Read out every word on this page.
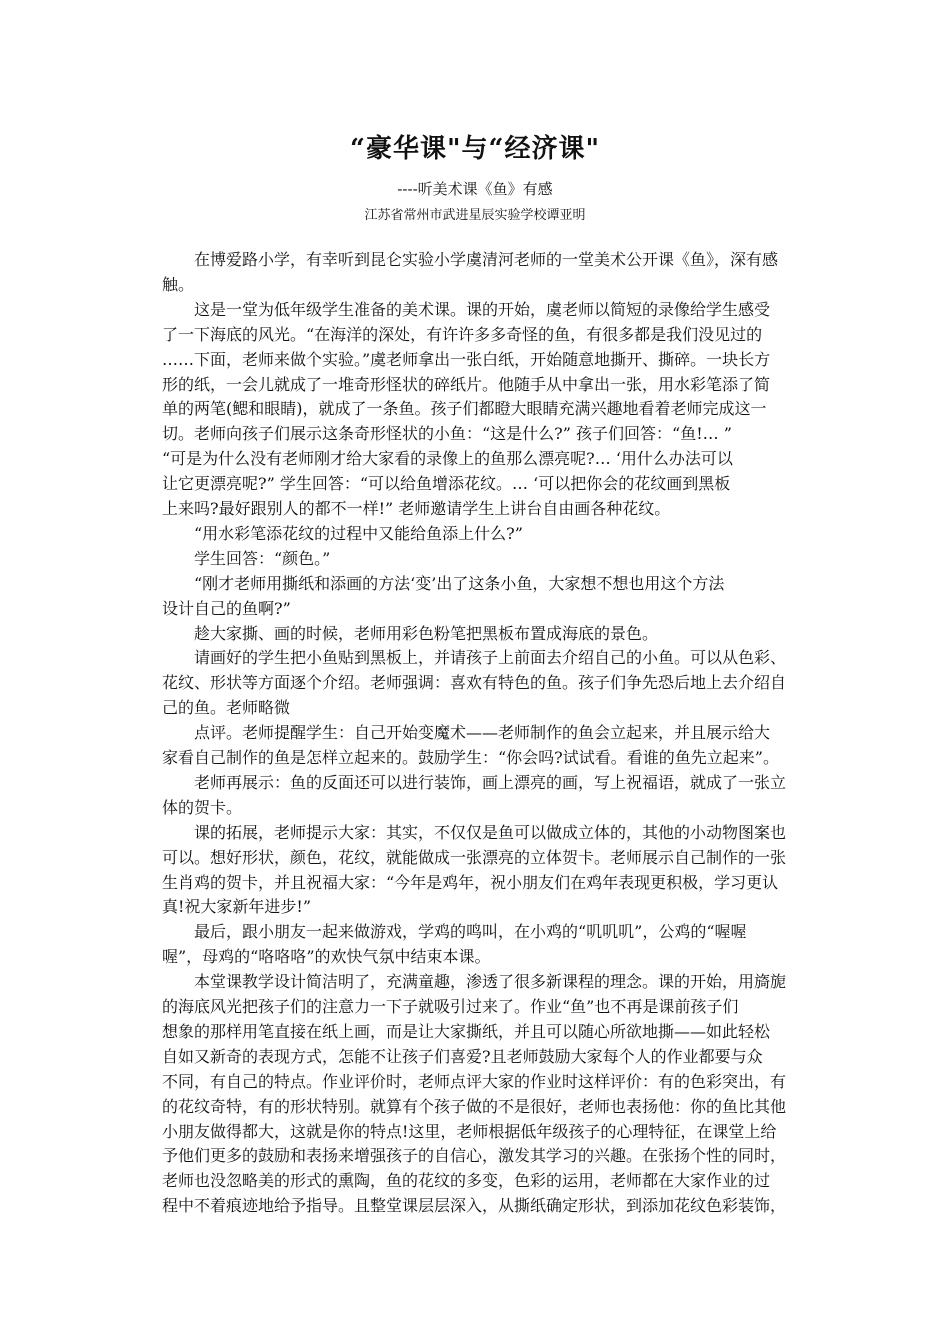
“豪华课"与“经济课"
----听美术课《鱼》有感
江苏省常州市武进星辰实验学校谭亚明
在博爱路小学，有幸听到昆仑实验小学虞清河老师的一堂美术公开课《鱼》，深有感
触。
这是一堂为低年级学生准备的美术课。课的开始，虞老师以简短的录像给学生感受
了一下海底的风光。“在海洋的深处，有许许多多奇怪的鱼，有很多都是我们没见过的
……下面，老师来做个实验。”虞老师拿出一张白纸，开始随意地撕开、撕碎。一块长方
形的纸，一会儿就成了一堆奇形怪状的碎纸片。他随手从中拿出一张，用水彩笔添了简
单的两笔(鳃和眼睛)，就成了一条鱼。孩子们都瞪大眼睛充满兴趣地看着老师完成这一
切。老师向孩子们展示这条奇形怪状的小鱼：“这是什么?” 孩子们回答：“鱼!… ”
“可是为什么没有老师刚才给大家看的录像上的鱼那么漂亮呢?… ‘用什么办法可以
让它更漂亮呢?” 学生回答：“可以给鱼增添花纹。… ‘可以把你会的花纹画到黑板
上来吗?最好跟别人的都不一样!” 老师邀请学生上讲台自由画各种花纹。
“用水彩笔添花纹的过程中又能给鱼添上什么?”
学生回答：“颜色。”
“刚才老师用撕纸和添画的方法‘变’出了这条小鱼，大家想不想也用这个方法
设计自己的鱼啊?”
趁大家撕、画的时候，老师用彩色粉笔把黑板布置成海底的景色。
请画好的学生把小鱼贴到黑板上，并请孩子上前面去介绍自己的小鱼。可以从色彩、
花纹、形状等方面逐个介绍。老师强调：喜欢有特色的鱼。孩子们争先恐后地上去介绍自
己的鱼。老师略微
点评。老师提醒学生：自己开始变魔术——老师制作的鱼会立起来，并且展示给大
家看自己制作的鱼是怎样立起来的。鼓励学生：“你会吗?试试看。看谁的鱼先立起来”。
老师再展示：鱼的反面还可以进行装饰，画上漂亮的画，写上祝福语，就成了一张立
体的贺卡。
课的拓展，老师提示大家：其实，不仅仅是鱼可以做成立体的，其他的小动物图案也
可以。想好形状，颜色，花纹，就能做成一张漂亮的立体贺卡。老师展示自己制作的一张
生肖鸡的贺卡，并且祝福大家：“今年是鸡年，祝小朋友们在鸡年表现更积极，学习更认
真!祝大家新年进步!”
最后，跟小朋友一起来做游戏，学鸡的鸣叫，在小鸡的“叽叽叽”，公鸡的“喔喔
喔”，母鸡的“咯咯咯”的欢快气氛中结束本课。
本堂课教学设计简洁明了，充满童趣，渗透了很多新课程的理念。课的开始，用旖旎
的海底风光把孩子们的注意力一下子就吸引过来了。作业“鱼”也不再是课前孩子们
想象的那样用笔直接在纸上画，而是让大家撕纸，并且可以随心所欲地撕——如此轻松
自如又新奇的表现方式，怎能不让孩子们喜爱?且老师鼓励大家每个人的作业都要与众
不同，有自己的特点。作业评价时，老师点评大家的作业时这样评价：有的色彩突出，有
的花纹奇特，有的形状特别。就算有个孩子做的不是很好，老师也表扬他：你的鱼比其他
小朋友做得都大，这就是你的特点!这里，老师根据低年级孩子的心理特征，在课堂上给
予他们更多的鼓励和表扬来增强孩子的自信心，激发其学习的兴趣。在张扬个性的同时，
老师也没忽略美的形式的熏陶，鱼的花纹的多变，色彩的运用，老师都在大家作业的过
程中不着痕迹地给予指导。且整堂课层层深入，从撕纸确定形状，到添加花纹色彩装饰，
